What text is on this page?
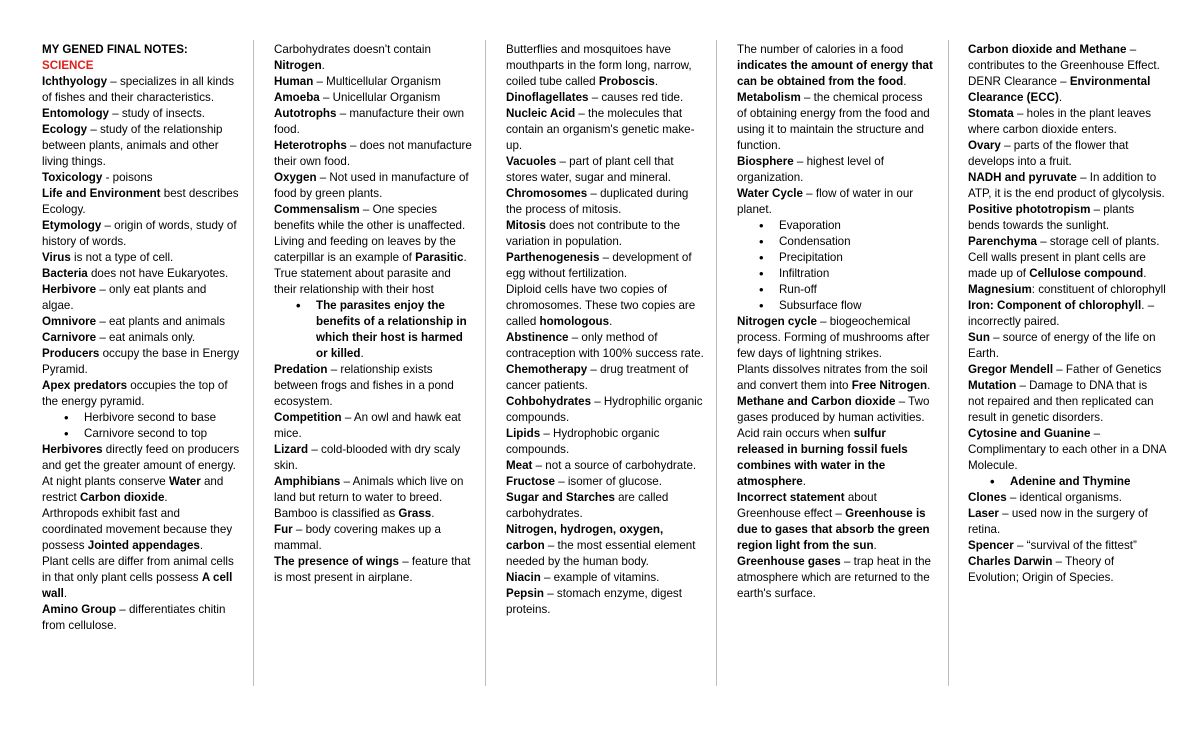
MY GENED FINAL NOTES:

SCIENCE

Ichthyology – specializes in all kinds of fishes and their characteristics.

Entomology – study of insects.

Ecology – study of the relationship between plants, animals and other living things.

Toxicology - poisons

Life and Environment best describes Ecology.

Etymology – origin of words, study of history of words.

Virus is not a type of cell.

Bacteria does not have Eukaryotes.

Herbivore – only eat plants and algae.

Omnivore – eat plants and animals

Carnivore – eat animals only.

Producers occupy the base in Energy Pyramid.

Apex predators occupies the top of the energy pyramid.

• Herbivore second to base
• Carnivore second to top

Herbivores directly feed on producers and get the greater amount of energy.

At night plants conserve Water and restrict Carbon dioxide.

Arthropods exhibit fast and coordinated movement because they possess Jointed appendages.

Plant cells are differ from animal cells in that only plant cells possess A cell wall.

Amino Group – differentiates chitin from cellulose.

Carbohydrates doesn't contain Nitrogen.

Human – Multicellular Organism

Amoeba – Unicellular Organism

Autotrophs – manufacture their own food.

Heterotrophs – does not manufacture their own food.

Oxygen – Not used in manufacture of food by green plants.

Commensalism – One species benefits while the other is unaffected.

Living and feeding on leaves by the caterpillar is an example of Parasitic.

True statement about parasite and their relationship with their host

• The parasites enjoy the benefits of a relationship in which their host is harmed or killed.

Predation – relationship exists between frogs and fishes in a pond ecosystem.

Competition – An owl and hawk eat mice.

Lizard – cold-blooded with dry scaly skin.

Amphibians – Animals which live on land but return to water to breed.

Bamboo is classified as Grass.

Fur – body covering makes up a mammal.

The presence of wings – feature that is most present in airplane.

Butterflies and mosquitoes have mouthparts in the form long, narrow, coiled tube called Proboscis.

Dinoflagellates – causes red tide.

Nucleic Acid – the molecules that contain an organism's genetic make-up.

Vacuoles – part of plant cell that stores water, sugar and mineral.

Chromosomes – duplicated during the process of mitosis.

Mitosis does not contribute to the variation in population.

Parthenogenesis – development of egg without fertilization.

Diploid cells have two copies of chromosomes. These two copies are called homologous.

Abstinence – only method of contraception with 100% success rate.

Chemotherapy – drug treatment of cancer patients.

Cohbohydrates – Hydrophilic organic compounds.

Lipids – Hydrophobic organic compounds.

Meat – not a source of carbohydrate.

Fructose – isomer of glucose.

Sugar and Starches are called carbohydrates.

Nitrogen, hydrogen, oxygen, carbon – the most essential element needed by the human body.

Niacin – example of vitamins.

Pepsin – stomach enzyme, digest proteins.

The number of calories in a food indicates the amount of energy that can be obtained from the food.

Metabolism – the chemical process of obtaining energy from the food and using it to maintain the structure and function.

Biosphere – highest level of organization.

Water Cycle – flow of water in our planet.

• Evaporation
• Condensation
• Precipitation
• Infiltration
• Run-off
• Subsurface flow

Nitrogen cycle – biogeochemical process. Forming of mushrooms after few days of lightning strikes.

Plants dissolves nitrates from the soil and convert them into Free Nitrogen.

Methane and Carbon dioxide – Two gases produced by human activities.

Acid rain occurs when sulfur released in burning fossil fuels combines with water in the atmosphere.

Incorrect statement about Greenhouse effect – Greenhouse is due to gases that absorb the green region light from the sun.

Greenhouse gases – trap heat in the atmosphere which are returned to the earth's surface.

Carbon dioxide and Methane – contributes to the Greenhouse Effect.

DENR Clearance – Environmental Clearance (ECC).

Stomata – holes in the plant leaves where carbon dioxide enters.

Ovary – parts of the flower that develops into a fruit.

NADH and pyruvate – In addition to ATP, it is the end product of glycolysis.

Positive phototropism – plants bends towards the sunlight.

Parenchyma – storage cell of plants.

Cell walls present in plant cells are made up of Cellulose compound.

Magnesium: constituent of chlorophyll

Iron: Component of chlorophyll. – incorrectly paired.

Sun – source of energy of the life on Earth.

Gregor Mendell – Father of Genetics

Mutation – Damage to DNA that is not repaired and then replicated can result in genetic disorders.

Cytosine and Guanine – Complimentary to each other in a DNA Molecule.

• Adenine and Thymine

Clones – identical organisms.

Laser – used now in the surgery of retina.

Spencer – “survival of the fittest”

Charles Darwin – Theory of Evolution; Origin of Species.
